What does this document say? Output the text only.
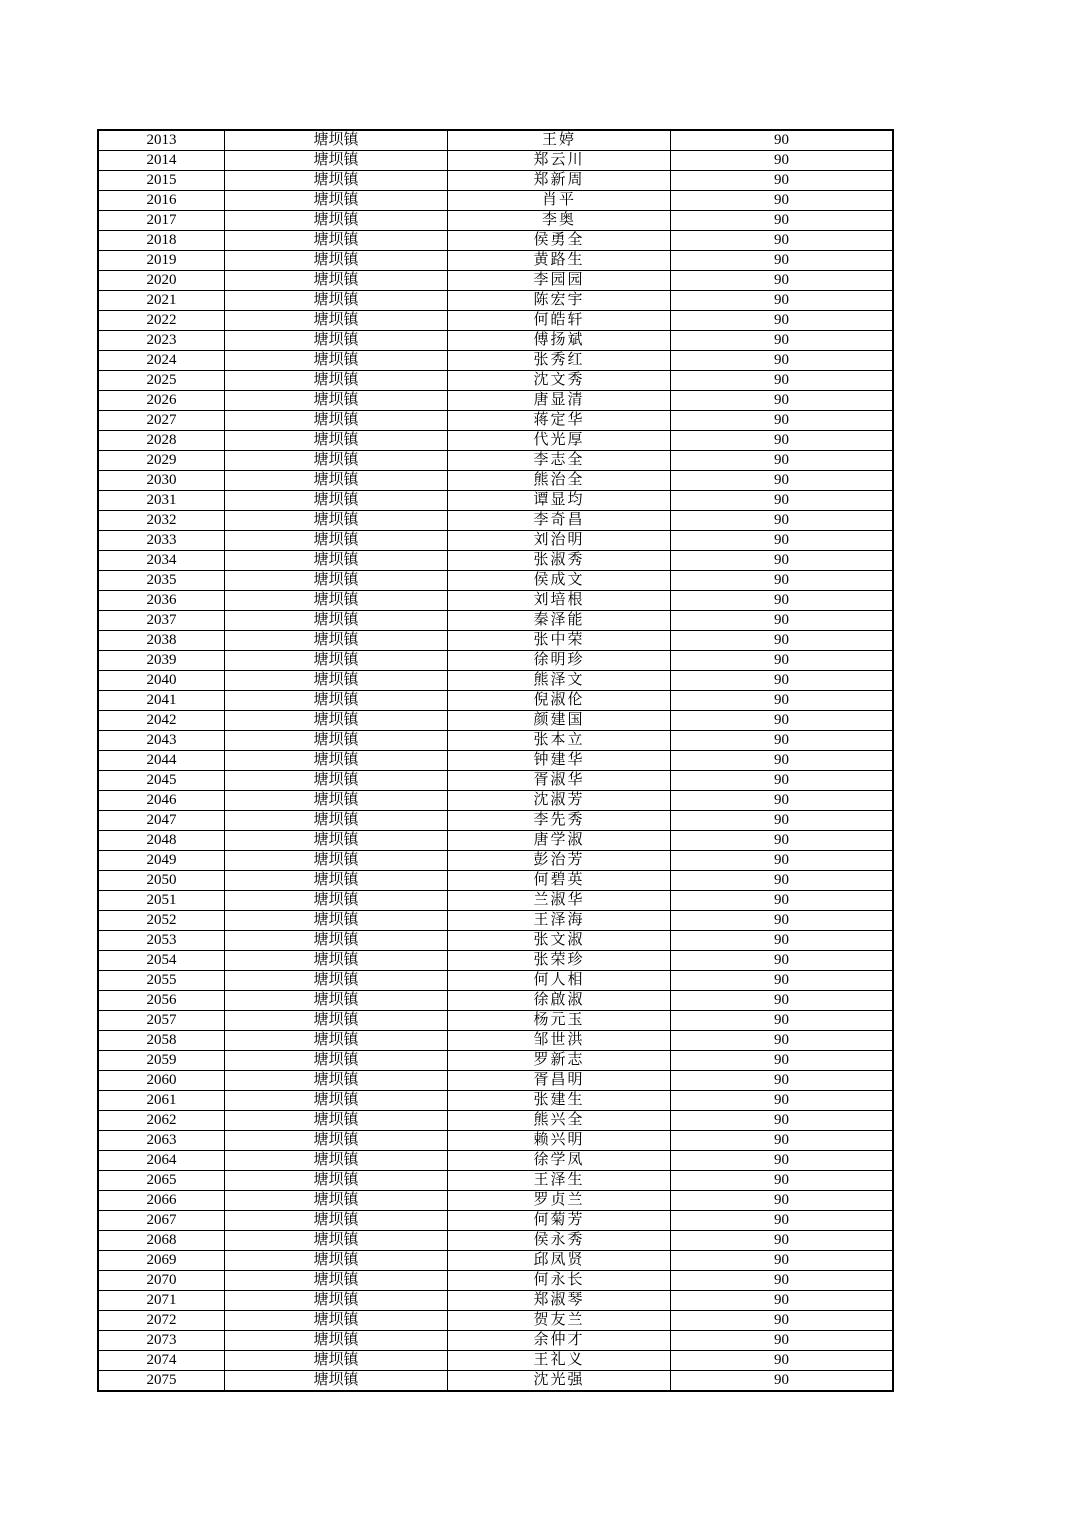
2013	塘坝镇	王婷	90
2014	塘坝镇	郑云川	90
2015	塘坝镇	郑新周	90
2016	塘坝镇	肖平	90
2017	塘坝镇	李奥	90
2018	塘坝镇	侯勇全	90
2019	塘坝镇	黄路生	90
2020	塘坝镇	李园园	90
2021	塘坝镇	陈宏宇	90
2022	塘坝镇	何皓轩	90
2023	塘坝镇	傅扬斌	90
2024	塘坝镇	张秀红	90
2025	塘坝镇	沈文秀	90
2026	塘坝镇	唐显清	90
2027	塘坝镇	蒋定华	90
2028	塘坝镇	代光厚	90
2029	塘坝镇	李志全	90
2030	塘坝镇	熊治全	90
2031	塘坝镇	谭显均	90
2032	塘坝镇	李奇昌	90
2033	塘坝镇	刘治明	90
2034	塘坝镇	张淑秀	90
2035	塘坝镇	侯成文	90
2036	塘坝镇	刘培根	90
2037	塘坝镇	秦泽能	90
2038	塘坝镇	张中荣	90
2039	塘坝镇	徐明珍	90
2040	塘坝镇	熊泽文	90
2041	塘坝镇	倪淑伦	90
2042	塘坝镇	颜建国	90
2043	塘坝镇	张本立	90
2044	塘坝镇	钟建华	90
2045	塘坝镇	胥淑华	90
2046	塘坝镇	沈淑芳	90
2047	塘坝镇	李先秀	90
2048	塘坝镇	唐学淑	90
2049	塘坝镇	彭治芳	90
2050	塘坝镇	何碧英	90
2051	塘坝镇	兰淑华	90
2052	塘坝镇	王泽海	90
2053	塘坝镇	张文淑	90
2054	塘坝镇	张荣珍	90
2055	塘坝镇	何人相	90
2056	塘坝镇	徐啟淑	90
2057	塘坝镇	杨元玉	90
2058	塘坝镇	邹世洪	90
2059	塘坝镇	罗新志	90
2060	塘坝镇	胥昌明	90
2061	塘坝镇	张建生	90
2062	塘坝镇	熊兴全	90
2063	塘坝镇	赖兴明	90
2064	塘坝镇	徐学凤	90
2065	塘坝镇	王泽生	90
2066	塘坝镇	罗贞兰	90
2067	塘坝镇	何菊芳	90
2068	塘坝镇	侯永秀	90
2069	塘坝镇	邱凤贤	90
2070	塘坝镇	何永长	90
2071	塘坝镇	郑淑琴	90
2072	塘坝镇	贺友兰	90
2073	塘坝镇	余仲才	90
2074	塘坝镇	王礼义	90
2075	塘坝镇	沈光强	90
